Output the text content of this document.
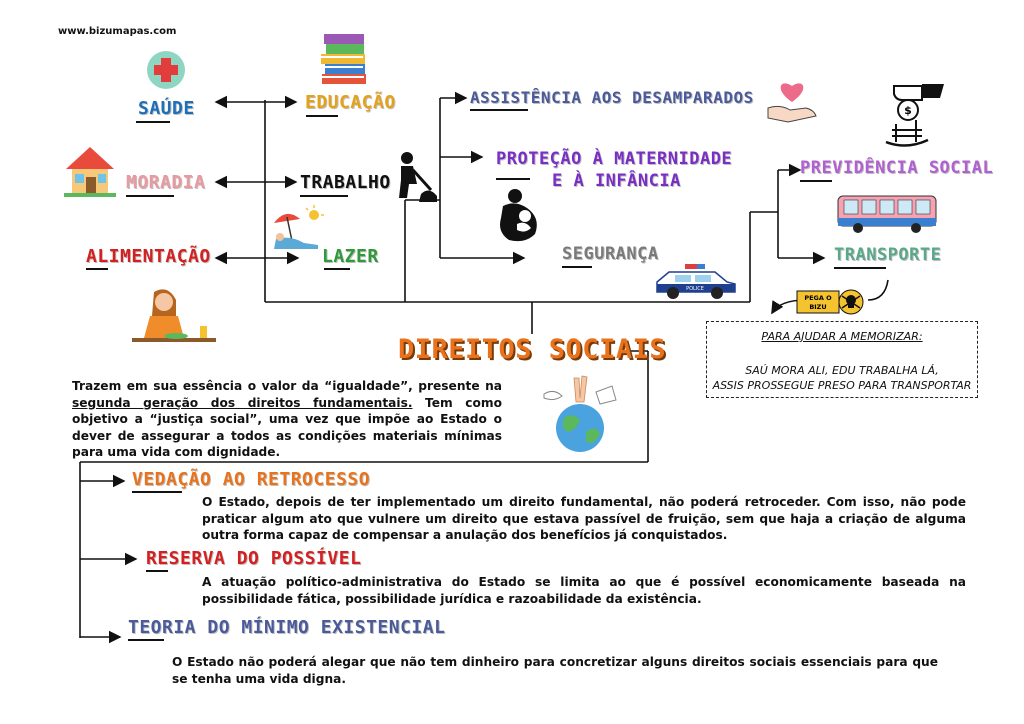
www.bizumapas.com
POLICE
$
PEGA O
BIZU
SAÚDE	EDUCAÇÃO
MORADIA	TRABALHO
ALIMENTAÇÃO	LAZER
ASSISTÊNCIA AOS DESAMPARADOS
PROTEÇÃO À MATERNIDADE
E À INFÂNCIA
SEGURANÇA
PREVIDÊNCIA SOCIAL
TRANSPORTE
DIREITOS SOCIAIS	PARA AJUDAR A MEMORIZAR:
SAÚ MORA ALI, EDU TRABALHA LÁ,
ASSIS PROSSEGUE PRESO PARA TRANSPORTAR
Trazem em sua essência o valor da “igualdade”, presente na segunda geração dos direitos fundamentais. Tem como objetivo a “justiça social”, uma vez que impõe ao Estado o dever de assegurar a todos as condições materiais mínimas para uma vida com dignidade.
VEDAÇÃO AO RETROCESSO
O Estado, depois de ter implementado um direito fundamental, não poderá retroceder. Com isso, não pode praticar algum ato que vulnere um direito que estava passível de fruição, sem que haja a criação de alguma outra forma capaz de compensar a anulação dos benefícios já conquistados.
RESERVA DO POSSÍVEL
A atuação político-administrativa do Estado se limita ao que é possível economicamente baseada na possibilidade fática, possibilidade jurídica e razoabilidade da existência.
TEORIA DO MÍNIMO EXISTENCIAL
O Estado não poderá alegar que não tem dinheiro para concretizar alguns direitos sociais essenciais para que se tenha uma vida digna.
